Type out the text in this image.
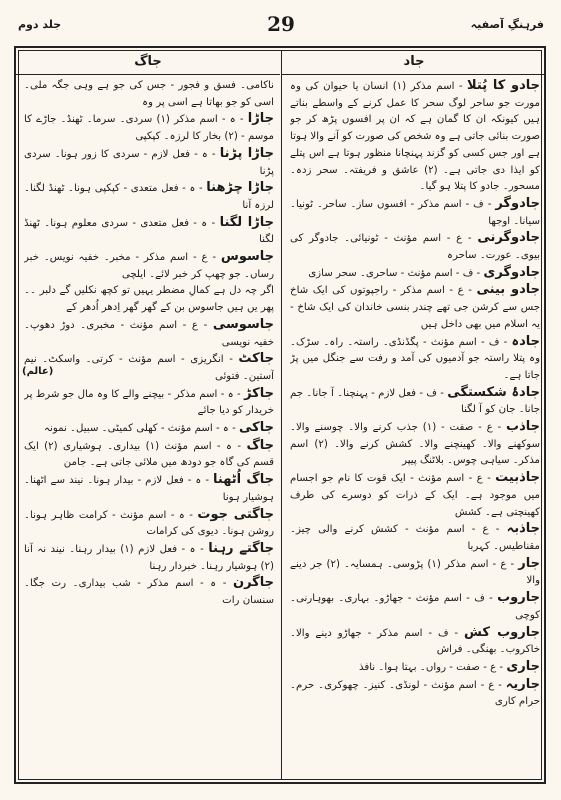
جلد دوم	29	فرہنگِ آصفیہ
جاگ	جاد

جادو کا پُتلا - اسم مذکر (۱) انسان یا حیوان کی وہ مورت جو ساحر لوگ سحر کا عمل کرنے کے واسطے بناتے ہیں کیونکہ ان کا گمان ہے کہ ان پر افسوں پڑھ کر جو صورت بنائی جاتی ہے وہ شخص کی صورت کو آنے والا ہوتا ہے اور جس کسی کو گزند پہنچانا منظور ہوتا ہے اس پتلے کو ایذا دی جاتی ہے۔ (۲) عاشق و فریفتہ۔ سحر زدہ۔ مسحور۔ جادو کا پتلا ہو گیا۔

جادوگر - ف - اسم مذکر - افسوں ساز۔ ساحر۔ ٹونیا۔ سیانا۔ اوجھا

جادوگرنی - ع - اسم مؤنث - ٹونیائی۔ جادوگر کی بیوی۔ عورت۔ ساحرہ

جادوگری - ف - اسم مؤنث - ساحری۔ سحر سازی

جادو بینی - ع - اسم مذکر - راجپوتوں کی ایک شاخ جس سے کرشن جی تھے چندر بنسی خاندان کی ایک شاخ - یہ اسلام میں بھی داخل ہیں

جادہ - ف - اسم مؤنث - پگڈنڈی۔ راستہ۔ راہ۔ سڑک۔ وہ پتلا راستہ جو آدمیوں کی آمد و رفت سے جنگل میں پڑ جاتا ہے۔

جادۂ شکستگی - ف - فعل لازم - پہنچنا۔ آ جانا۔ جم جانا۔ جان کو آ لگنا

جاذب - ع - صفت - (۱) جذب کرنے والا۔ چوسنے والا۔ سوکھنے والا۔ کھینچنے والا۔ کشش کرنے والا۔ (۲) اسم مذکر۔ سیاہی چوس۔ بلاٹنگ پیپر

جاذبیت - ع - اسم مؤنث - ایک قوت کا نام جو اجسام میں موجود ہے۔ ایک کے ذرات کو دوسرے کی طرف کھینچتی ہے۔ کشش

جاذبہ - ع - اسم مؤنث - کشش کرنے والی چیز۔ مقناطیس۔ کہربا

جار - ع - اسم مذکر (۱) پڑوسی۔ ہمسایہ۔ (۲) جر دینے والا

جاروب - ف - اسم مؤنث - جھاڑو۔ بہاری۔ بھوہارنی۔ کوچی

جاروب کش - ف - اسم مذکر - جھاڑو دینے والا۔ خاکروب۔ بھنگی۔ فراش

جاری - ع - صفت - رواں۔ بہتا ہوا۔ نافذ

جاریہ - ع - اسم مؤنث - لونڈی۔ کنیز۔ چھوکری۔ حرم۔ حرام کاری

ناکامی۔ فسق و فجور - جس کی جو ہے وہی جگہ ملی۔ اسی کو جو بھاتا ہے اسی پر وہ

جاڑا - ہ - اسم مذکر (۱) سردی۔ سرما۔ ٹھنڈ۔ جاڑے کا موسم - (۲) بخار کا لرزہ۔ کپکپی

جاڑا پڑنا - ہ - فعل لازم - سردی کا زور ہونا۔ سردی پڑنا

جاڑا چڑھنا - ہ - فعل متعدی - کپکپی ہونا۔ ٹھنڈ لگنا۔ لرزہ آنا

جاڑا لگنا - ہ - فعل متعدی - سردی معلوم ہونا۔ ٹھنڈ لگنا

جاسوس - ع - اسم مذکر - مخبر۔ خفیہ نویس۔ خبر رساں۔ جو چھپ کر خبر لائے۔ ایلچی

اگر چہ دل ہے کمالِ مضطر یہیں تو کچھ نکلیں گے دلبر ۔۔ پھر یں ہیں جاسوس بن کے گھر گھر اِدھر اُدھر کے

جاسوسی - ع - اسم مؤنث - مخبری۔ دوڑ دھوپ۔ خفیہ نویسی

جاکٹ - انگریزی - اسم مؤنث - کرتی۔ واسکٹ۔ نیم آستین۔ فتوئی

جاکڑ - ہ - اسم مذکر - بیچنے والے کا وہ مال جو شرط پر خریدار کو دیا جائے

جاکی - ہ - اسم مؤنث - کھلی کمیٹی۔ سبیل۔ نمونہ

جاگ - ہ - اسم مؤنث (۱) بیداری۔ ہوشیاری (۲) ایک قسم کی گاہ جو دودھ میں ملائی جاتی ہے۔ جامن

جاگ اُٹھنا - ہ - فعل لازم - بیدار ہونا۔ نیند سے اٹھنا۔ ہوشیار ہونا

جاگتی جوت - ہ - اسم مؤنث - کرامت ظاہر ہونا۔ روشن ہونا۔ دیوی کی کرامات

جاگتے رہنا - ہ - فعل لازم (۱) بیدار رہنا۔ نیند نہ آنا (۲) ہوشیار رہنا۔ خبردار رہنا

جاگرن - ہ - اسم مذکر - شب بیداری۔ رت جگا۔ سنسان رات

(عالم)
